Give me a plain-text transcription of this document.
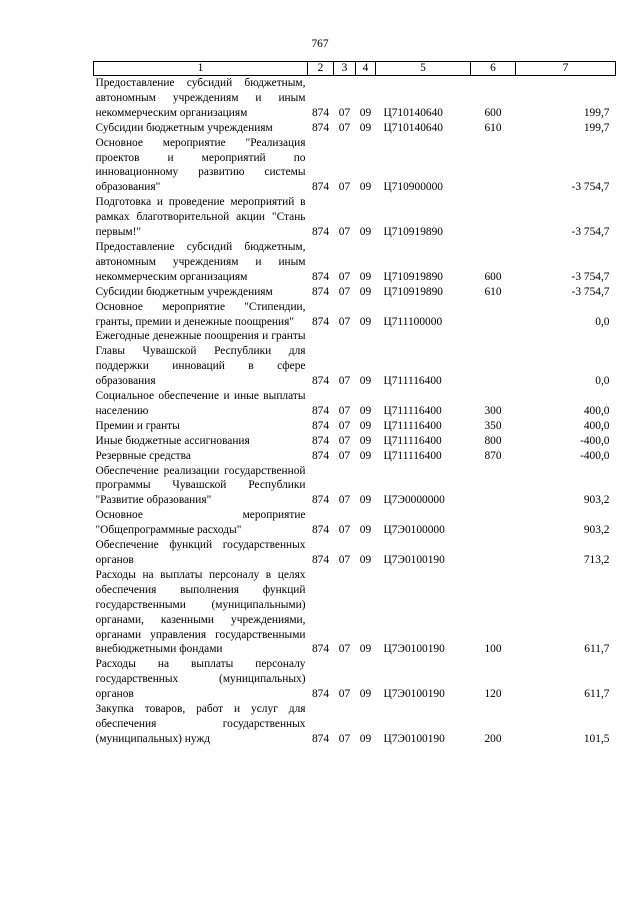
767
1	2	3	4	5	6	7
Предоставление субсидий бюджетным, автономным учреждениям и иным некоммерческим организациям	874	07	09	Ц710140640	600	199,7
Субсидии бюджетным учреждениям	874	07	09	Ц710140640	610	199,7
Основное мероприятие "Реализация проектов и мероприятий по инновационному развитию системы образования"	874	07	09	Ц710900000		-3 754,7
Подготовка и проведение мероприятий в рамках благотворительной акции "Стань первым!"	874	07	09	Ц710919890		-3 754,7
Предоставление субсидий бюджетным, автономным учреждениям и иным некоммерческим организациям	874	07	09	Ц710919890	600	-3 754,7
Субсидии бюджетным учреждениям	874	07	09	Ц710919890	610	-3 754,7
Основное мероприятие "Стипендии, гранты, премии и денежные поощрения"	874	07	09	Ц711100000		0,0
Ежегодные денежные поощрения и гранты Главы Чувашской Республики для поддержки инноваций в сфере образования	874	07	09	Ц711116400		0,0
Социальное обеспечение и иные выплаты населению	874	07	09	Ц711116400	300	400,0
Премии и гранты	874	07	09	Ц711116400	350	400,0
Иные бюджетные ассигнования	874	07	09	Ц711116400	800	-400,0
Резервные средства	874	07	09	Ц711116400	870	-400,0
Обеспечение реализации государственной программы Чувашской Республики "Развитие образования"	874	07	09	Ц7Э0000000		903,2
Основное мероприятие "Общепрограммные расходы"	874	07	09	Ц7Э0100000		903,2
Обеспечение функций государственных органов	874	07	09	Ц7Э0100190		713,2
Расходы на выплаты персоналу в целях обеспечения выполнения функций государственными (муниципальными) органами, казенными учреждениями, органами управления государственными внебюджетными фондами	874	07	09	Ц7Э0100190	100	611,7
Расходы на выплаты персоналу государственных (муниципальных) органов	874	07	09	Ц7Э0100190	120	611,7
Закупка товаров, работ и услуг для обеспечения государственных (муниципальных) нужд	874	07	09	Ц7Э0100190	200	101,5
